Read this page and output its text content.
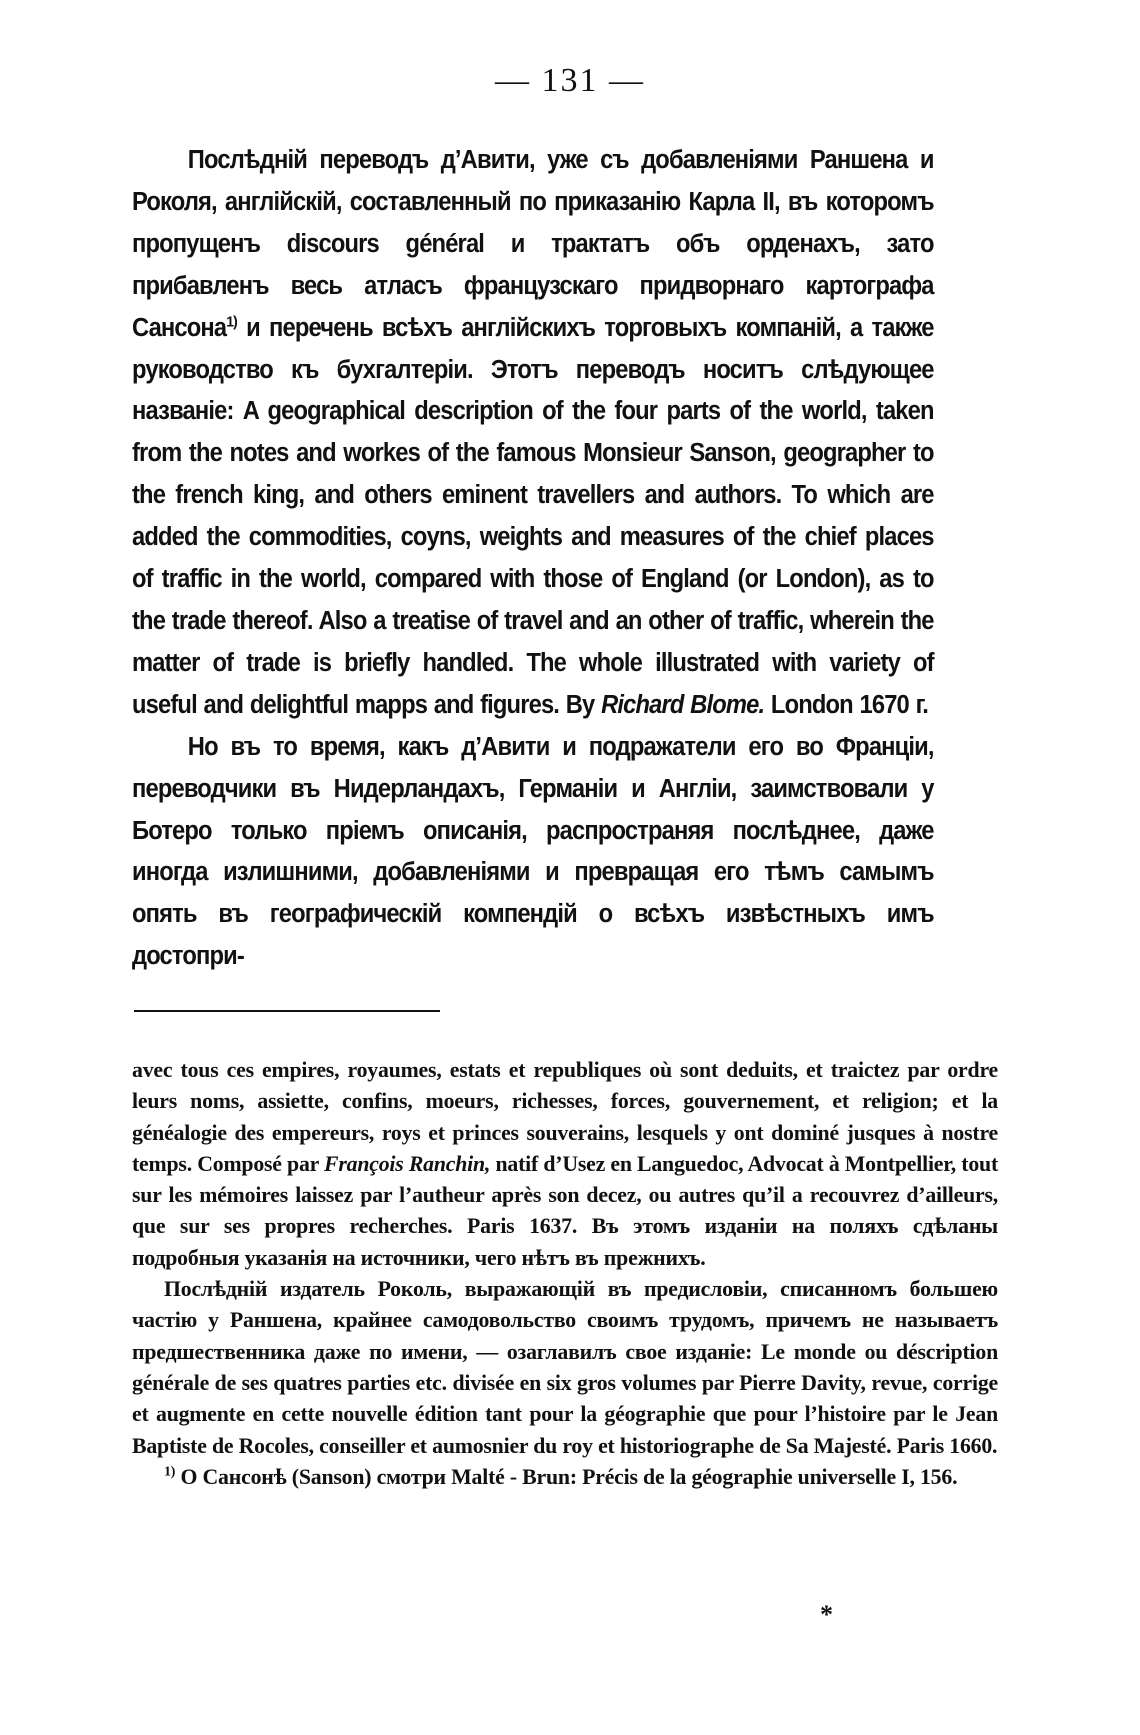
— 131 —

Послѣдній переводъ д’Авити, уже съ добавленіями Раншена и Роколя, англійскій, составленный по приказанію Карла II, въ которомъ пропущенъ discours général и трактатъ объ орденахъ, зато прибавленъ весь атласъ французскаго придворнаго картографа Сансона$^{1)}$ и перечень всѣхъ англійскихъ торговыхъ компаній, а также руководство къ бухгалтеріи. Этотъ переводъ носитъ слѣдующее названіе: A geographical description of the four parts of the world, taken from the notes and workes of the famous Monsieur Sanson, geographer to the french king, and others eminent travellers and authors. To which are added the commodities, coyns, weights and measures of the chief places of traffic in the world, compared with those of England (or London), as to the trade thereof. Also a treatise of travel and an other of traffic, wherein the matter of trade is briefly handled. The whole illustrated with variety of useful and delightful mapps and figures. By Richard Blome. London 1670 г.

Но въ то время, какъ д’Авити и подражатели его во Франціи, переводчики въ Нидерландахъ, Германіи и Англіи, заимствовали у Ботеро только пріемъ описанія, распространяя послѣднее, даже иногда излишними, добавленіями и превращая его тѣмъ самымъ опять въ географическій компендій о всѣхъ извѣстныхъ имъ достопри-

avec tous ces empires, royaumes, estats et republiques où sont deduits, et traictez par ordre leurs noms, assiette, confins, moeurs, richesses, forces, gouvernement, et religion; et la généalogie des empereurs, roys et princes souverains, lesquels y ont dominé jusques à nostre temps. Composé par François Ranchin, natif d’Usez en Languedoc, Advocat à Montpellier, tout sur les mémoires laissez par l’autheur après son decez, ou autres qu’il a recouvrez d’ailleurs, que sur ses propres recherches. Paris 1637. Въ этомъ изданіи на поляхъ сдѣланы подробныя указанія на источники, чего нѣтъ въ прежнихъ.

Послѣдній издатель Роколь, выражающій въ предисловіи, списанномъ большею частію у Раншена, крайнее самодовольство своимъ трудомъ, причемъ не называетъ предшественника даже по имени, — озаглавилъ свое изданіе: Le monde ou déscription générale de ses quatres parties etc. divisée en six gros volumes par Pierre Davity, revue, corrige et augmente en cette nouvelle édition tant pour la géographie que pour l’histoire par le Jean Baptiste de Rocoles, conseiller et aumosnier du roy et historiographe de Sa Majesté. Paris 1660.

$^{1)}$ О Сансонѣ (Sanson) смотри Malté - Brun: Précis de la géographie universelle I, 156.

*
